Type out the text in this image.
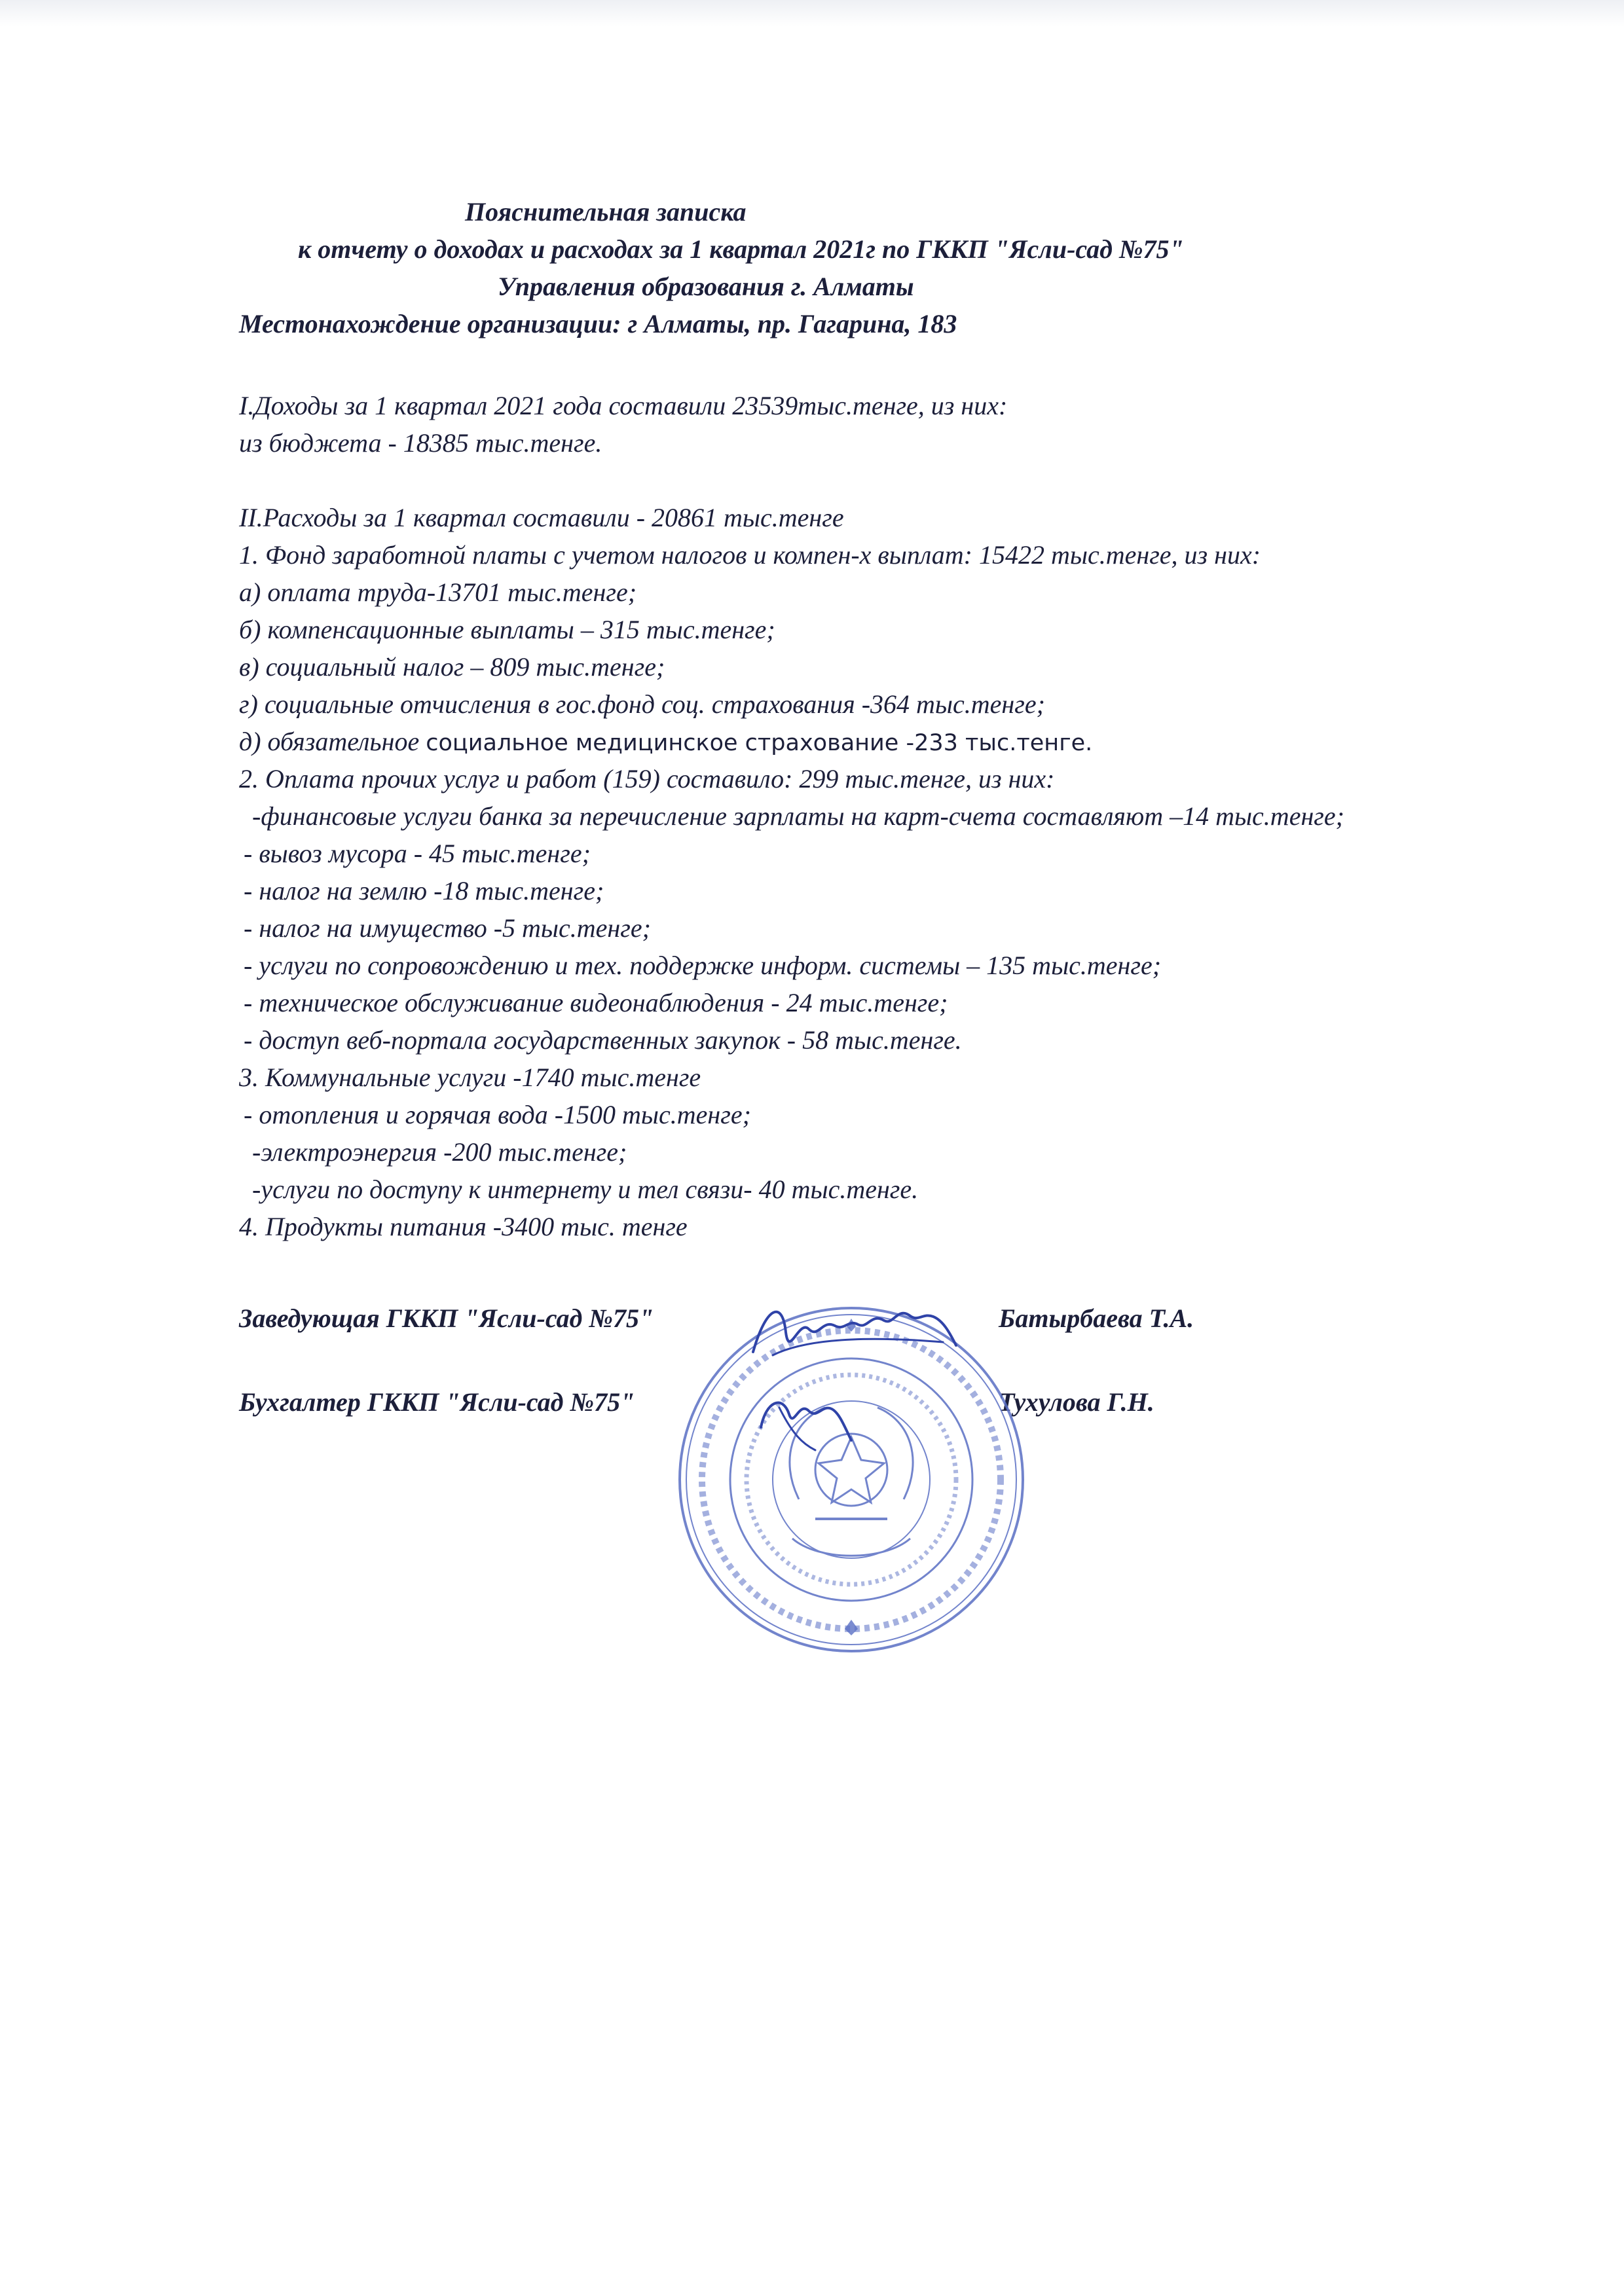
Пояснительная записка
к отчету о доходах и расходах за 1 квартал 2021г по ГККП "Ясли-сад №75"
Управления образования г. Алматы
Местонахождение организации: г Алматы, пр. Гагарина, 183
I.Доходы за 1 квартал 2021 года составили 23539тыс.тенге, из них:
из бюджета - 18385 тыс.тенге.
II.Расходы за 1 квартал составили - 20861 тыс.тенге
1. Фонд заработной платы с учетом налогов и компен-х выплат: 15422 тыс.тенге, из них:
а) оплата труда-13701 тыс.тенге;
б) компенсационные выплаты – 315 тыс.тенге;
в) социальный налог – 809 тыс.тенге;
г) социальные отчисления в гос.фонд соц. страхования -364 тыс.тенге;
д) обязательное социальное медицинское страхование -233 тыс.тенге.
2. Оплата прочих услуг и работ (159) составило: 299 тыс.тенге, из них:
-финансовые услуги банка за перечисление зарплаты на карт-счета составляют –14 тыс.тенге;
- вывоз мусора - 45 тыс.тенге;
- налог на землю -18 тыс.тенге;
- налог на имущество -5 тыс.тенге;
- услуги по сопровождению и тех. поддержке информ. системы – 135 тыс.тенге;
- техническое обслуживание видеонаблюдения - 24 тыс.тенге;
- доступ веб-портала государственных закупок - 58 тыс.тенге.
3. Коммунальные услуги -1740 тыс.тенге
- отопления и горячая вода -1500 тыс.тенге;
-электроэнергия -200 тыс.тенге;
-услуги по доступу к интернету и тел связи- 40 тыс.тенге.
4. Продукты питания -3400 тыс. тенге
Заведующая ГККП "Ясли-сад №75"	Батырбаева Т.А.
Бухгалтер ГККП "Ясли-сад №75"	Тухулова Г.Н.
